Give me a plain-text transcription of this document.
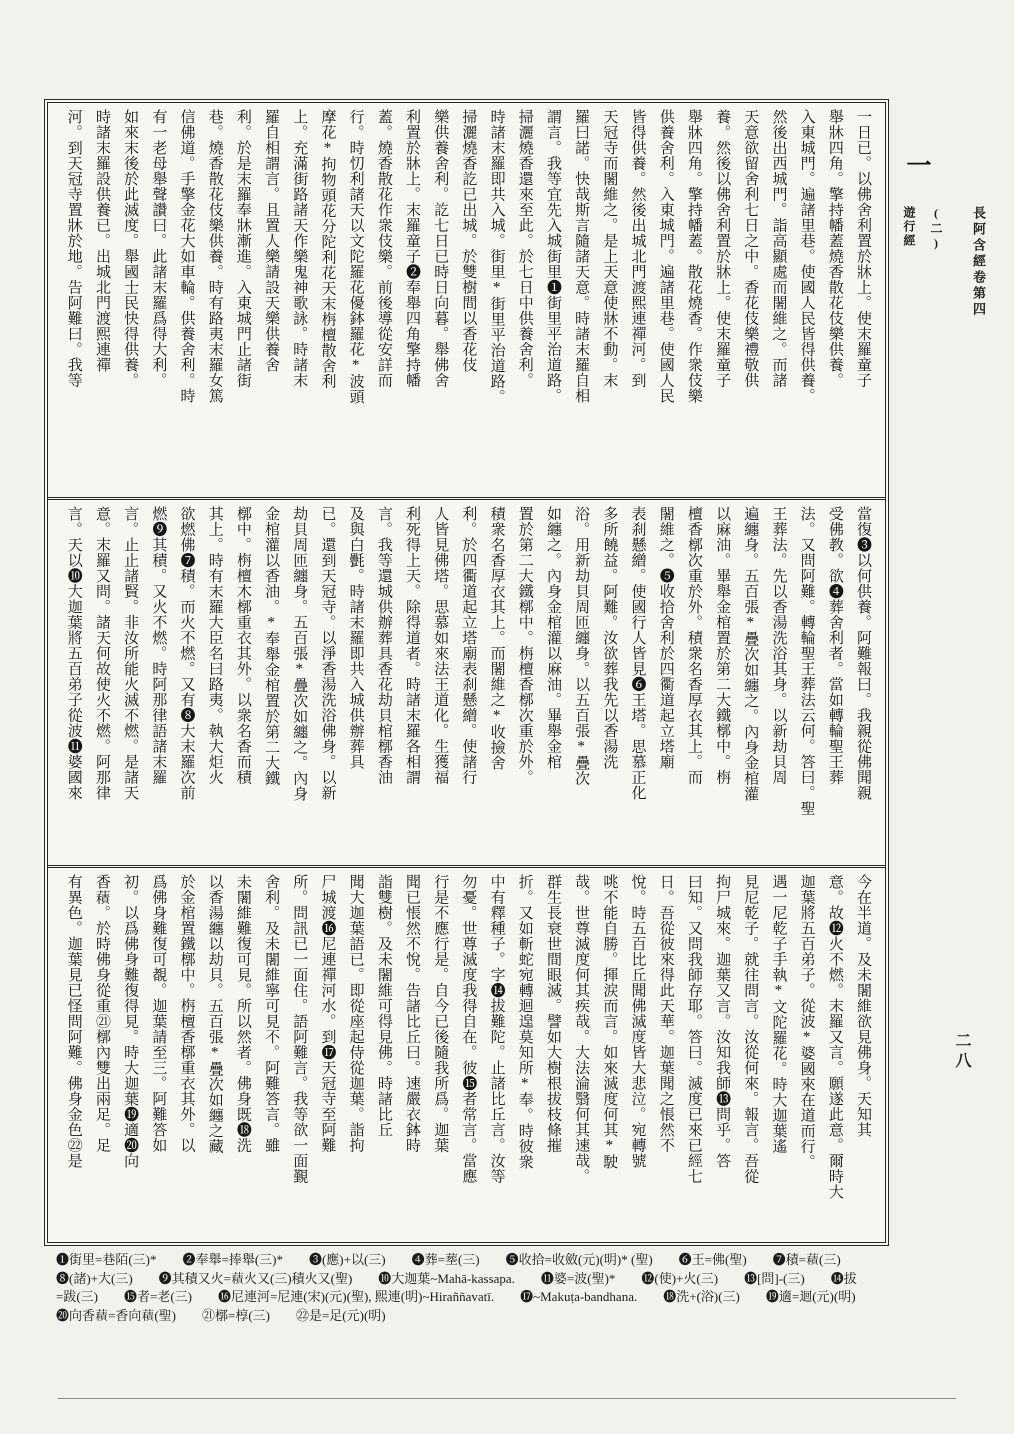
一日已。以佛舍利置於牀上。使末羅童子
舉牀四角。擎持幡蓋燒香散花伎樂供養。
入東城門。遍諸里巷。使國人民皆得供養。
然後出西城門。詣高顯處而闍維之。而諸
天意欲留舍利七日之中。香花伎樂禮敬供
養。然後以佛舍利置於牀上。使末羅童子
舉牀四角。擎持幡蓋。散花燒香。作衆伎樂
供養舍利。入東城門。遍諸里巷。使國人民
皆得供養。然後出城北門渡熙連禪河。到
天冠寺而闍維之。是上天意使牀不動。末
羅曰諾。快哉斯言隨諸天意。時諸末羅自相
謂言。我等宜先入城街里❶街里平治道路。
掃灑燒香還來至此。於七日中供養舍利。
時諸末羅即共入城。街里*街里平治道路。
掃灑燒香訖已出城。於雙樹間以香花伎
樂供養舍利。訖七日已時日向暮。舉佛舍
利置於牀上。末羅童子❷奉舉四角擎持幡
蓋。燒香散花作衆伎樂。前後導從安詳而
行。時忉利諸天以文陀羅花優鉢羅花*波頭
摩花*拘物頭花分陀利花天末栴檀散舍利
上。充滿街路諸天作樂鬼神歌詠。時諸末
羅自相謂言。且置人樂請設天樂供養舍
利。於是末羅奉牀漸進。入東城門止諸街
巷。燒香散花伎樂供養。時有路夷末羅女篤
信佛道。手擎金花大如車輪。供養舍利。時
有一老母舉聲讚曰。此諸末羅爲得大利。
如來末後於此滅度。舉國士民快得供養。
時諸末羅設供養已。出城北門渡熙連禪
河。到天冠寺置牀於地。告阿難曰。我等
當復❸以何供養。阿難報曰。我親從佛聞親
受佛教。欲❹葬舍利者。當如轉輪聖王葬
法。又問阿難。轉輪聖王葬法云何。答曰。聖
王葬法。先以香湯洗浴其身。以新劫貝周
遍纏身。五百張*疊次如纏之。內身金棺灌
以麻油。畢舉金棺置於第二大鐵槨中。栴
檀香槨次重於外。積衆名香厚衣其上。而
闍維之。❺收拾舍利於四衢道起立塔廟
表刹懸繒。使國行人皆見❻王塔。思慕正化
多所饒益。阿難。汝欲葬我先以香湯洗
浴。用新劫貝周匝纏身。以五百張*疊次
如纏之。內身金棺灌以麻油。畢舉金棺
置於第二大鐵槨中。栴檀香槨次重於外。
積衆名香厚衣其上。而闍維之*收撿舍
利。於四衢道起立塔廟表刹懸繒。使諸行
人皆見佛塔。思慕如來法王道化。生獲福
利死得上天。除得道者。時諸末羅各相謂
言。我等還城供辦葬具香花劫貝棺槨香油
及與白㲲。時諸末羅即共入城供辦葬具
已。還到天冠寺。以淨香湯洗浴佛身。以新
劫貝周匝纏身。五百張*疊次如纏之。內身
金棺灌以香油。*奉舉金棺置於第二大鐵
槨中。栴檀木槨重衣其外。以衆名香而積
其上。時有末羅大臣名曰路夷。執大炬火
欲燃佛❼積。而火不燃。又有❽大末羅次前
燃❾其積。又火不燃。時阿那律語諸末羅
言。止止諸賢。非汝所能火滅不燃。是諸天
意。末羅又問。諸天何故使火不燃。阿那律
言。天以❿大迦葉將五百弟子從波⓫婆國來
今在半道。及未闍維欲見佛身。天知其
意。故⓬火不燃。末羅又言。願遂此意。爾時大
迦葉將五百弟子。從波*婆國來在道而行。
遇一尼乾子手執*文陀羅花。時大迦葉遙
見尼乾子。就往問言。汝從何來。報言。吾從
拘尸城來。迦葉又言。汝知我師⓭問乎。答
曰知。又問我師存耶。答曰。滅度已來已經七
日。吾從彼來得此天華。迦葉聞之悵然不
悅。時五百比丘聞佛滅度皆大悲泣。宛轉號
咷不能自勝。揮涙而言。如來滅度何其*駛
哉。世尊滅度何其疾哉。大法淪翳何其速哉。
群生長衰世間眼滅。譬如大樹根拔枝條摧
折。又如斬蛇宛轉迴遑莫知所*奉。時彼衆
中有釋種子。字⓮拔難陀。止諸比丘言。汝等
勿憂。世尊滅度我得自在。彼⓯者常言。當應
行是不應行是。自今已後隨我所爲。迦葉
聞已悵然不悅。告諸比丘曰。速嚴衣鉢時
詣雙樹。及未闍維可得見佛。時諸比丘
聞大迦葉語已。即從座起侍從迦葉。詣拘
尸城渡⓰尼連禪河水。到⓱天冠寺至阿難
所。問訊已一面住。語阿難言。我等欲一面覲
舍利。及未闍維寧可見不。阿難答言。雖
未闍維難復可見。所以然者。佛身既⓲洗
以香湯纏以劫貝。五百張*疊次如纏之藏
於金棺置鐵槨中。栴檀香槨重衣其外。以
爲佛身難復可覩。迦葉請至三。阿難答如
初。以爲佛身難復得見。時大迦葉⓳適⓴向
香𧂐。於時佛身從重㉑槨內雙出兩足。足
有異色。迦葉見已怪問阿難。佛身金色㉒是
一
長阿含經卷第四
(二)
遊行經
二八
❶街里=巷陌(三)*　　❷奉舉=捧舉(三)*　　❸(應)+以(三)　　❹葬=塟(三)　　❺收拾=收斂(元)(明)* (聖)　　❻王=佛(聖)　　❼積=𧂐(三)
❽(諸)+大(三)　　❾其積又火=𧂐火又(三)積火又(聖)　　❿大迦葉~Mahā-kassapa.　　⓫婆=波(聖)*　　⓬(使)+火(三)　　⓭[問]-(三)　　⓮拔
=跋(三)　　⓯者=老(三)　　⓰尼連河=尼連(宋)(元)(聖), 熙連(明)~Hiraññavatī.　　⓱~Makuṭa-bandhana.　　⓲洗+(浴)(三)　　⓳適=迴(元)(明)
⓴向香𧂐=香向𧂐(聖)　　㉑槨=椁(三)　　㉒是=足(元)(明)
